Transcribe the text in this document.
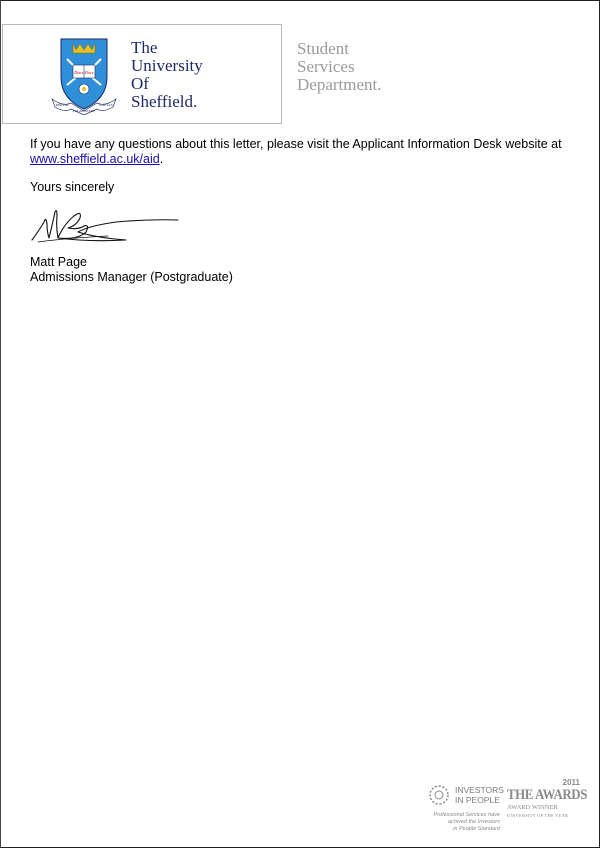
Disce Doce
RERUM
COGNOSCERE
CAUSAS
The
University
Of
Sheffield.
Student
Services
Department.
If you have any questions about this letter, please visit the Applicant Information Desk website at www.sheffield.ac.uk/aid.
Yours sincerely
Matt Page
Admissions Manager (Postgraduate)
INVESTORS
IN PEOPLE
Professional Services have
achived the Investors
in People Standard
2011
THE AWARDS
AWARD WINNER
UNIVERSITY OF THE YEAR
